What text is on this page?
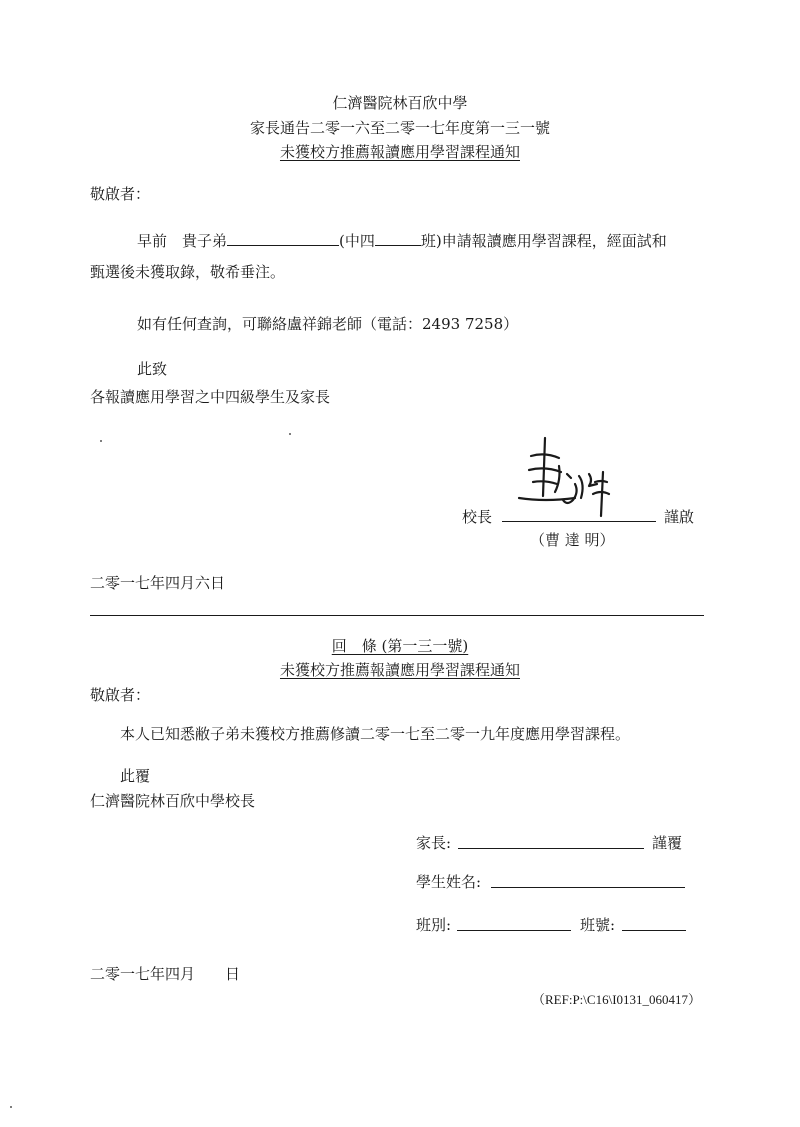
仁濟醫院林百欣中學
家長通告二零一六至二零一七年度第一三一號
未獲校方推薦報讀應用學習課程通知
敬啟者：
早前　貴子弟	(中四	班)申請報讀應用學習課程，經面試和
甄選後未獲取錄，敬希垂注。
如有任何查詢，可聯絡盧祥錦老師（電話：2493 7258）
此致
各報讀應用學習之中四級學生及家長
校長	謹啟
（曹 達 明）
二零一七年四月六日
回　條 (第一三一號)
未獲校方推薦報讀應用學習課程通知
敬啟者：
本人已知悉敝子弟未獲校方推薦修讀二零一七至二零一九年度應用學習課程。
此覆
仁濟醫院林百欣中學校長
家長:	謹覆
學生姓名:
班別:	班號:
二零一七年四月　　日
（REF:P:\C16\I0131_060417）
